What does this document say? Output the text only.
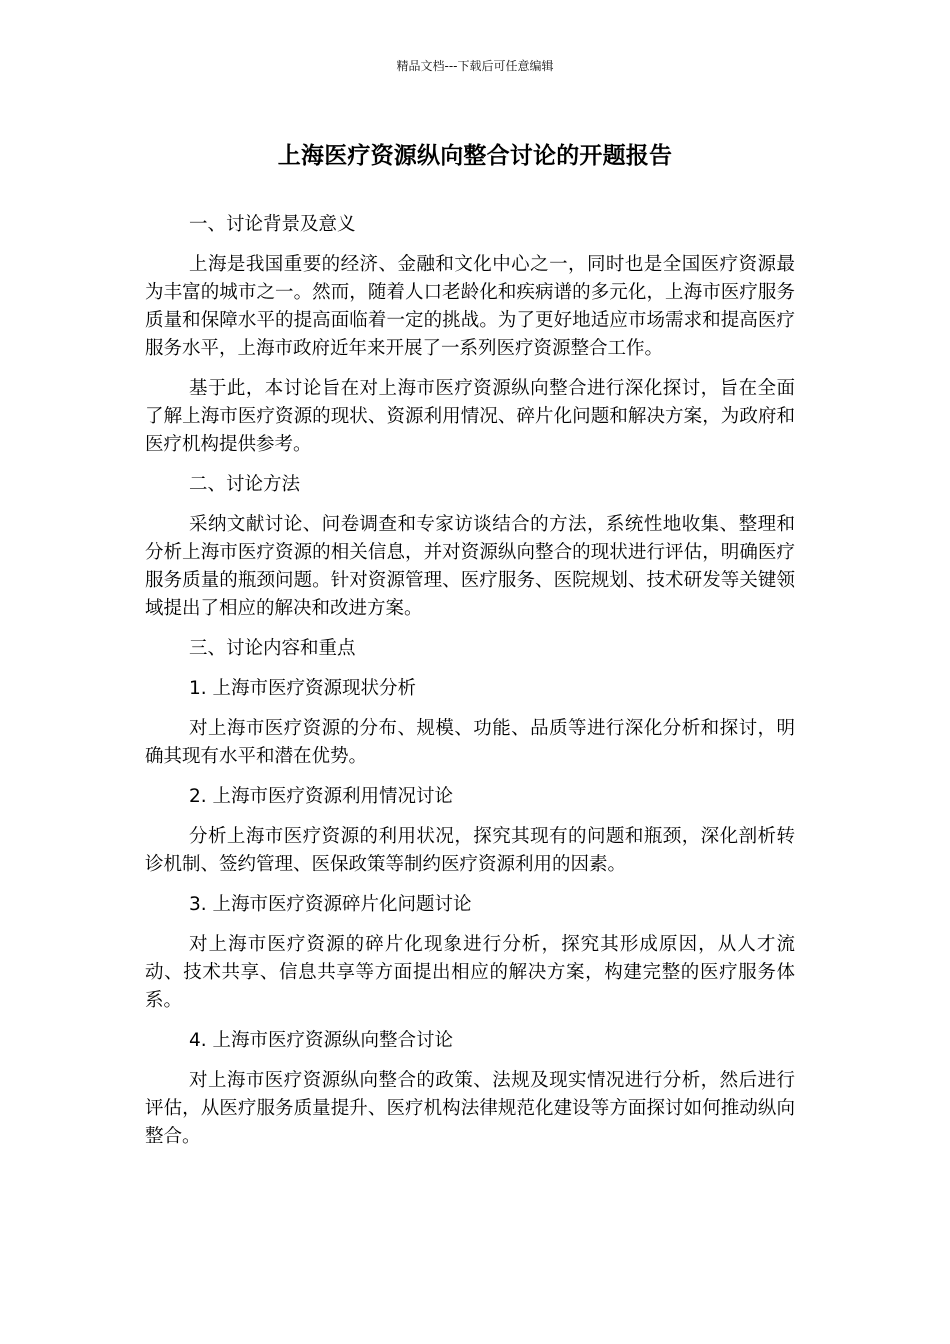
精品文档---下载后可任意编辑
上海医疗资源纵向整合讨论的开题报告
一、讨论背景及意义
上海是我国重要的经济、金融和文化中心之一，同时也是全国医疗资源最为丰富的城市之一。然而，随着人口老龄化和疾病谱的多元化，上海市医疗服务质量和保障水平的提高面临着一定的挑战。为了更好地适应市场需求和提高医疗服务水平，上海市政府近年来开展了一系列医疗资源整合工作。
基于此，本讨论旨在对上海市医疗资源纵向整合进行深化探讨，旨在全面了解上海市医疗资源的现状、资源利用情况、碎片化问题和解决方案，为政府和医疗机构提供参考。
二、讨论方法
采纳文献讨论、问卷调查和专家访谈结合的方法，系统性地收集、整理和分析上海市医疗资源的相关信息，并对资源纵向整合的现状进行评估，明确医疗服务质量的瓶颈问题。针对资源管理、医疗服务、医院规划、技术研发等关键领域提出了相应的解决和改进方案。
三、讨论内容和重点
1. 上海市医疗资源现状分析
对上海市医疗资源的分布、规模、功能、品质等进行深化分析和探讨，明确其现有水平和潜在优势。
2. 上海市医疗资源利用情况讨论
分析上海市医疗资源的利用状况，探究其现有的问题和瓶颈，深化剖析转诊机制、签约管理、医保政策等制约医疗资源利用的因素。
3. 上海市医疗资源碎片化问题讨论
对上海市医疗资源的碎片化现象进行分析，探究其形成原因，从人才流动、技术共享、信息共享等方面提出相应的解决方案，构建完整的医疗服务体系。
4. 上海市医疗资源纵向整合讨论
对上海市医疗资源纵向整合的政策、法规及现实情况进行分析，然后进行评估，从医疗服务质量提升、医疗机构法律规范化建设等方面探讨如何推动纵向整合。
